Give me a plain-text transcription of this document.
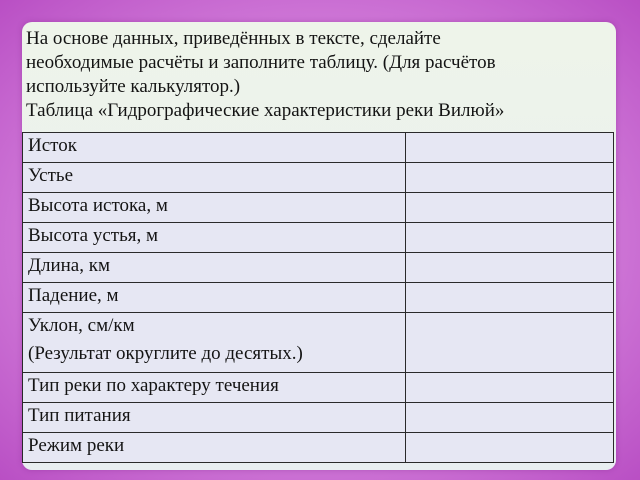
На основе данных, приведённых в тексте, сделайте
необходимые расчёты и заполните таблицу. (Для расчётов
используйте калькулятор.)
Таблица «Гидрографические характеристики реки Вилюй»

Исток	
Устье	
Высота истока, м	
Высота устья, м	
Длина, км	
Падение, м	

Уклон, см/км
(Результат округлите до десятых.)	

Тип реки по характеру течения	
Тип питания	
Режим реки	
